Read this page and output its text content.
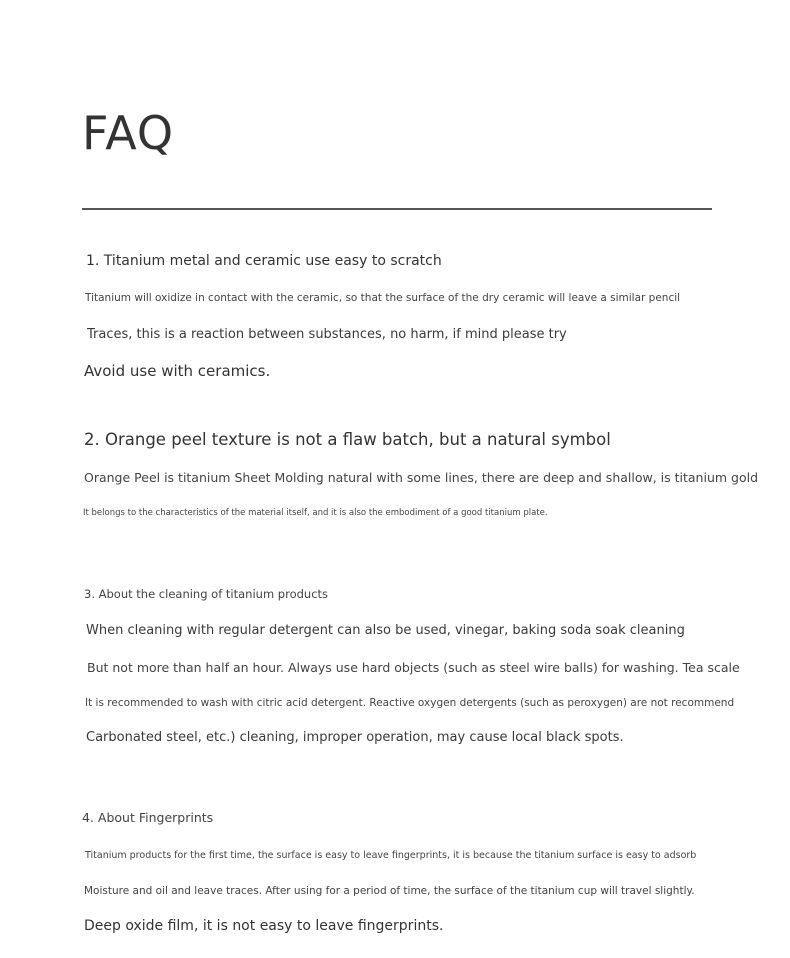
FAQ
1. Titanium metal and ceramic use easy to scratch
Titanium will oxidize in contact with the ceramic, so that the surface of the dry ceramic will leave a similar pencil
Traces, this is a reaction between substances, no harm, if mind please try
Avoid use with ceramics.
2. Orange peel texture is not a flaw batch, but a natural symbol
Orange Peel is titanium Sheet Molding natural with some lines, there are deep and shallow, is titanium gold
It belongs to the characteristics of the material itself, and it is also the embodiment of a good titanium plate.
3. About the cleaning of titanium products
When cleaning with regular detergent can also be used, vinegar, baking soda soak cleaning
But not more than half an hour. Always use hard objects (such as steel wire balls) for washing. Tea scale
It is recommended to wash with citric acid detergent. Reactive oxygen detergents (such as peroxygen) are not recommend
Carbonated steel, etc.) cleaning, improper operation, may cause local black spots.
4. About Fingerprints
Titanium products for the first time, the surface is easy to leave fingerprints, it is because the titanium surface is easy to adsorb
Moisture and oil and leave traces. After using for a period of time, the surface of the titanium cup will travel slightly.
Deep oxide film, it is not easy to leave fingerprints.
